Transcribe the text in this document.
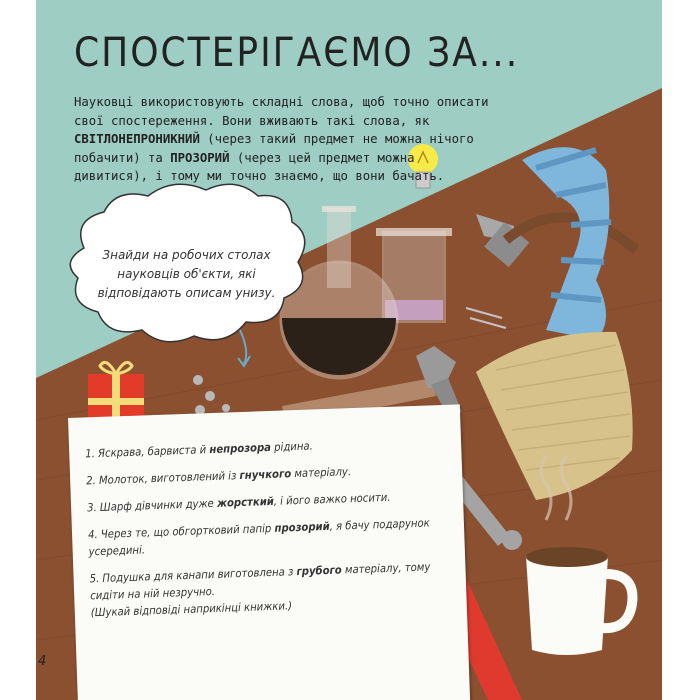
СПОСТЕРІГАЄМО ЗА...
Науковці використовують складні слова, щоб точно описати свої спостереження. Вони вживають такі слова, як СВІТЛОНЕПРОНИКНИЙ (через такий предмет не можна нічого побачити) та ПРОЗОРИЙ (через цей предмет можна дивитися), і тому ми точно знаємо, що вони бачать.
Знайди на робочих столах науковців об'єкти, які відповідають описам унизу.
1. Яскрава, барвиста й непрозора рідина.
2. Молоток, виготовлений із гнучкого матеріалу.
3. Шарф дівчинки дуже жорсткий, і його важко носити.
4. Через те, що обгортковий папір прозорий, я бачу подарунок усередині.
5. Подушка для канапи виготовлена з грубого матеріалу, тому сидіти на ній незручно.
(Шукай відповіді наприкінці книжки.)
4
